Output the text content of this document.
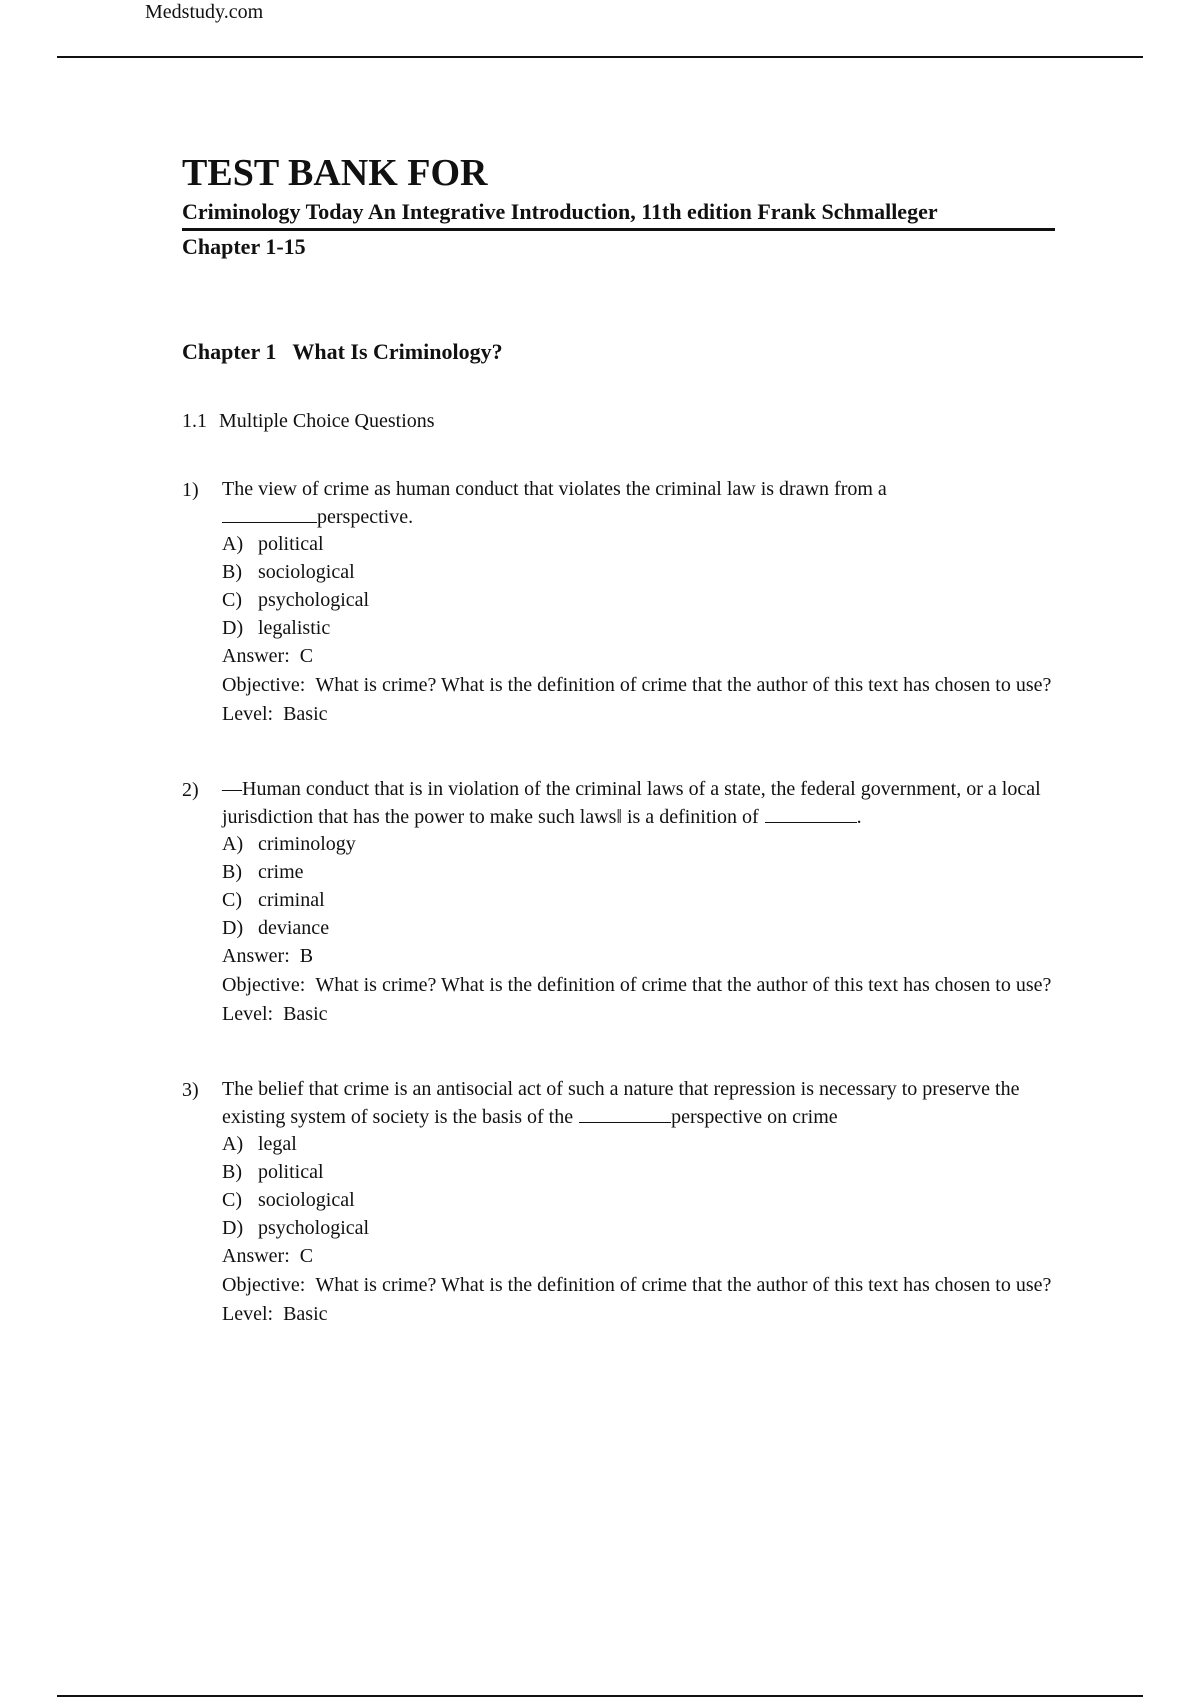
Medstudy.com
TEST BANK FOR
Criminology Today An Integrative Introduction, 11th edition Frank Schmalleger
Chapter 1-15
Chapter 1 What Is Criminology?
1.1 Multiple Choice Questions
1) The view of crime as human conduct that violates the criminal law is drawn from a
perspective.
A) political
B) sociological
C) psychological
D) legalistic
Answer: C
Objective: What is crime? What is the definition of crime that the author of this text has chosen to use?
Level: Basic
2) —Human conduct that is in violation of the criminal laws of a state, the federal government, or a local jurisdiction that has the power to make such laws‖ is a definition of	.
A) criminology
B) crime
C) criminal
D) deviance
Answer: B
Objective: What is crime? What is the definition of crime that the author of this text has chosen to use?
Level: Basic
3) The belief that crime is an antisocial act of such a nature that repression is necessary to preserve the existing system of society is the basis of the	perspective on crime
A) legal
B) political
C) sociological
D) psychological
Answer: C
Objective: What is crime? What is the definition of crime that the author of this text has chosen to use?
Level: Basic
